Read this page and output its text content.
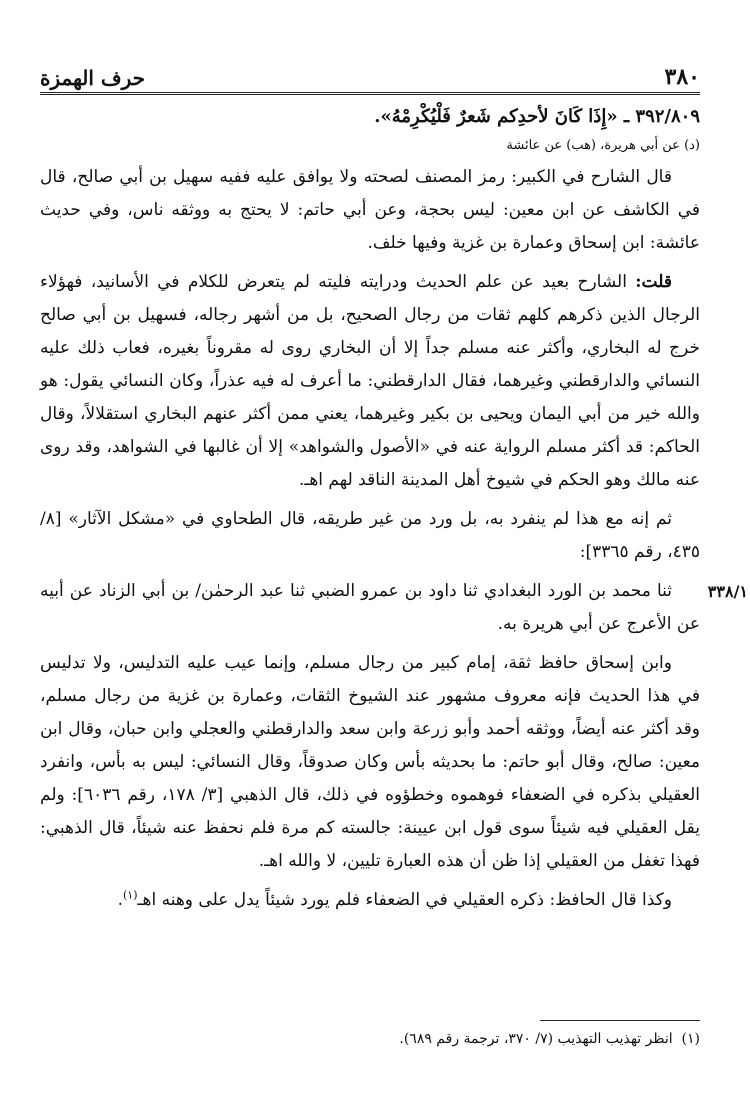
٣٨٠
حرف الهمزة

٣٩٢/٨٠٩ ـ «إِذَا كَانَ لأحدِكم شَعرٌ فَلْيُكْرِمْهُ».

(د) عن أبي هريرة، (هب) عن عائشة

قال الشارح في الكبير: رمز المصنف لصحته ولا يوافق عليه ففيه سهيل بن أبي صالح، قال في الكاشف عن ابن معين: ليس بحجة، وعن أبي حاتم: لا يحتج به ووثقه ناس، وفي حديث عائشة: ابن إسحاق وعمارة بن غزية وفيها خلف.

قلت: الشارح بعيد عن علم الحديث ودرايته فليته لم يتعرض للكلام في الأسانيد، فهؤلاء الرجال الذين ذكرهم كلهم ثقات من رجال الصحيح، بل من أشهر رجاله، فسهيل بن أبي صالح خرج له البخاري، وأكثر عنه مسلم جداً إلا أن البخاري روى له مقروناً بغيره، فعاب ذلك عليه النسائي والدارقطني وغيرهما، فقال الدارقطني: ما أعرف له فيه عذراً، وكان النسائي يقول: هو والله خير من أبي اليمان ويحيى بن بكير وغيرهما، يعني ممن أكثر عنهم البخاري استقلالاً، وقال الحاكم: قد أكثر مسلم الرواية عنه في «الأصول والشواهد» إلا أن غالبها في الشواهد، وقد روى عنه مالك وهو الحكم في شيوخ أهل المدينة الناقد لهم اهـ.

ثم إنه مع هذا لم ينفرد به، بل ورد من غير طريقه، قال الطحاوي في «مشكل الآثار» [٨/ ٤٣٥، رقم ٣٣٦٥]:

٣٣٨/١

ثنا محمد بن الورد البغدادي ثنا داود بن عمرو الضبي ثنا عبد الرحمٰن/ بن أبي الزناد عن أبيه عن الأعرج عن أبي هريرة به.

وابن إسحاق حافظ ثقة، إمام كبير من رجال مسلم، وإنما عيب عليه التدليس، ولا تدليس في هذا الحديث فإنه معروف مشهور عند الشيوخ الثقات، وعمارة بن غزية من رجال مسلم، وقد أكثر عنه أيضاً، ووثقه أحمد وأبو زرعة وابن سعد والدارقطني والعجلي وابن حبان، وقال ابن معين: صالح، وقال أبو حاتم: ما بحديثه بأس وكان صدوقاً، وقال النسائي: ليس به بأس، وانفرد العقيلي بذكره في الضعفاء فوهموه وخطؤوه في ذلك، قال الذهبي [٣/ ١٧٨، رقم ٦٠٣٦]: ولم يقل العقيلي فيه شيئاً سوى قول ابن عيينة: جالسته كم مرة فلم نحفظ عنه شيئاً، قال الذهبي: فهذا تغفل من العقيلي إذا ظن أن هذه العبارة تليين، لا والله اهـ.

وكذا قال الحافظ: ذكره العقيلي في الضعفاء فلم يورد شيئاً يدل على وهنه اهـ$^{(١)}$.

(١)  انظر تهذيب التهذيب (٧/ ٣٧٠، ترجمة رقم ٦٨٩).
